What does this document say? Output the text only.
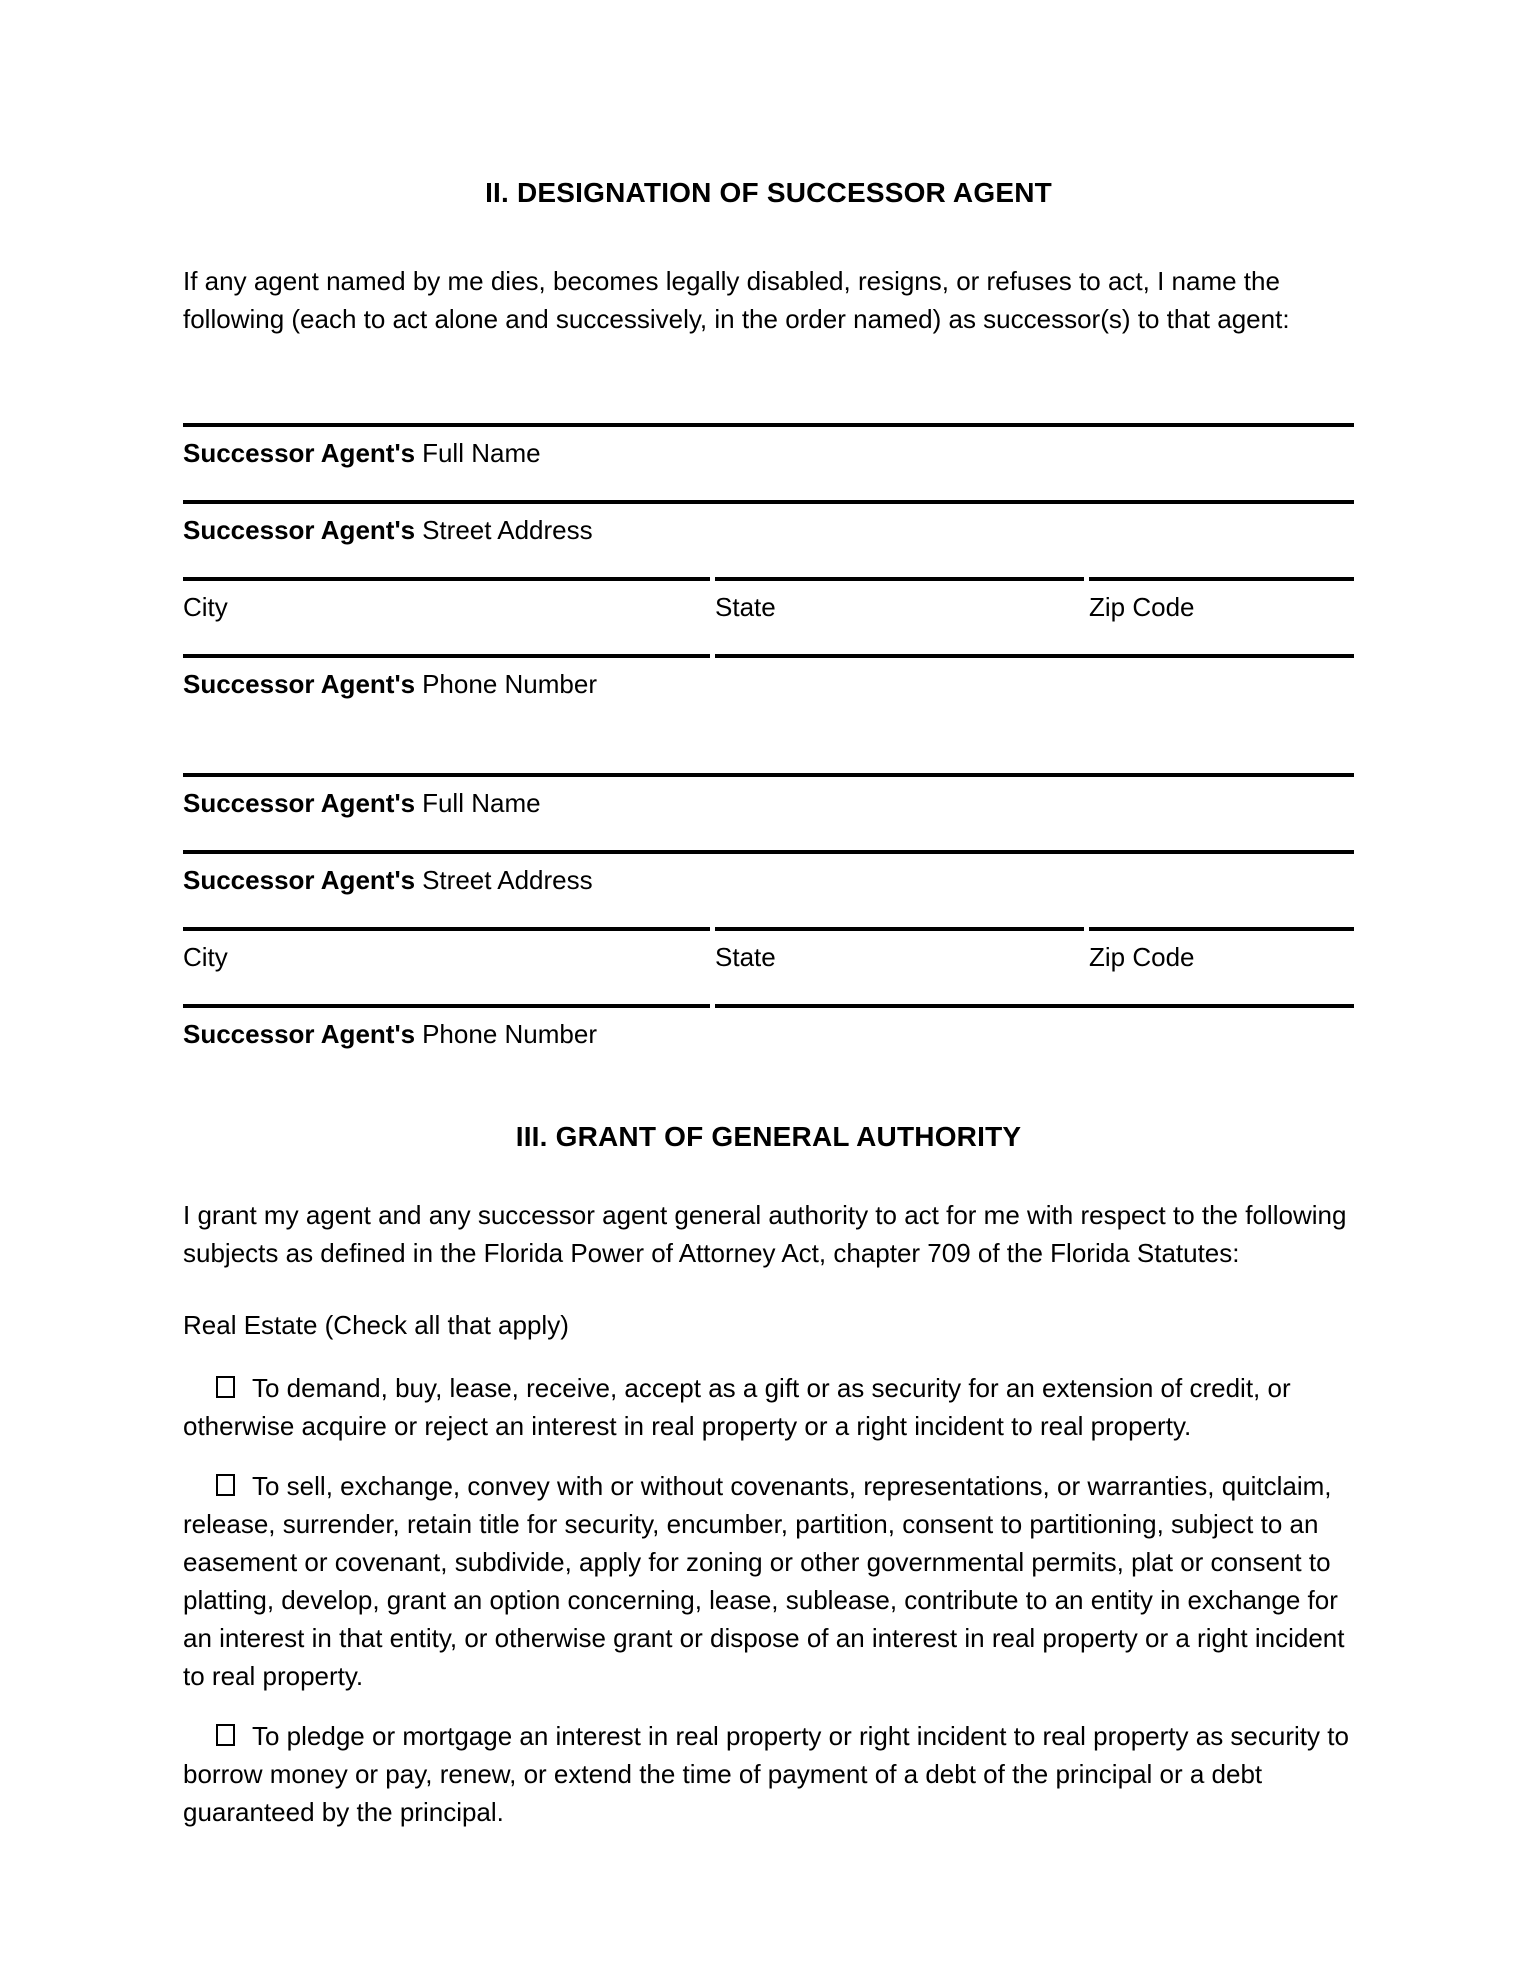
II. DESIGNATION OF SUCCESSOR AGENT

If any agent named by me dies, becomes legally disabled, resigns, or refuses to act, I name the following (each to act alone and successively, in the order named) as successor(s) to that agent:

Successor Agent's Full Name
Successor Agent's Street Address
City	State	Zip Code
Successor Agent's Phone Number
Successor Agent's Full Name
Successor Agent's Street Address
City	State	Zip Code
Successor Agent's Phone Number
III. GRANT OF GENERAL AUTHORITY

I grant my agent and any successor agent general authority to act for me with respect to the following subjects as defined in the Florida Power of Attorney Act, chapter 709 of the Florida Statutes:

Real Estate (Check all that apply)

To demand, buy, lease, receive, accept as a gift or as security for an extension of credit, or otherwise acquire or reject an interest in real property or a right incident to real property.

To sell, exchange, convey with or without covenants, representations, or warranties, quitclaim, release, surrender, retain title for security, encumber, partition, consent to partitioning, subject to an easement or covenant, subdivide, apply for zoning or other governmental permits, plat or consent to platting, develop, grant an option concerning, lease, sublease, contribute to an entity in exchange for an interest in that entity, or otherwise grant or dispose of an interest in real property or a right incident to real property.

To pledge or mortgage an interest in real property or right incident to real property as security to borrow money or pay, renew, or extend the time of payment of a debt of the principal or a debt guaranteed by the principal.
